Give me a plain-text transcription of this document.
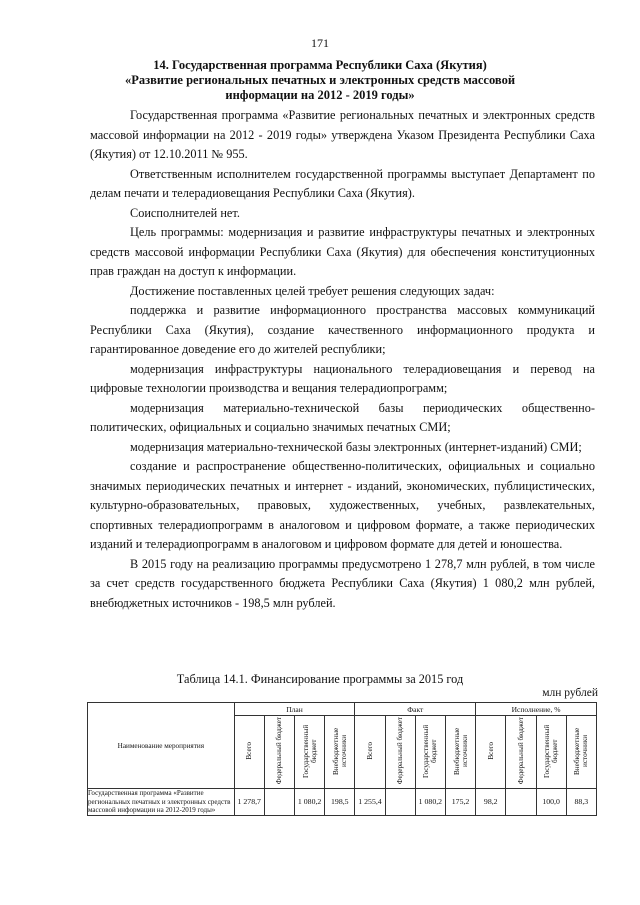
171
14. Государственная программа Республики Саха (Якутия)
«Развитие региональных печатных и электронных средств массовой
информации на 2012 - 2019 годы»

Государственная программа «Развитие региональных печатных и электронных средств массовой информации на 2012 - 2019 годы» утверждена Указом Президента Республики Саха (Якутия) от 12.10.2011 № 955.

Ответственным исполнителем государственной программы выступает Департамент по делам печати и телерадиовещания Республики Саха (Якутия).

Соисполнителей нет.

Цель программы: модернизация и развитие инфраструктуры печатных и электронных средств массовой информации Республики Саха (Якутия) для обеспечения конституционных прав граждан на доступ к информации.

Достижение поставленных целей требует решения следующих задач:

поддержка и развитие информационного пространства массовых коммуникаций Республики Саха (Якутия), создание качественного информационного продукта и гарантированное доведение его до жителей республики;

модернизация инфраструктуры национального телерадиовещания и перевод на цифровые технологии производства и вещания телерадиопрограмм;

модернизация материально-технической базы периодических общественно-политических, официальных и социально значимых печатных СМИ;

модернизация материально-технической базы электронных (интернет-изданий) СМИ;

создание и распространение общественно-политических, официальных и социально значимых периодических печатных и интернет - изданий, экономических, публицистических, культурно-образовательных, правовых, художественных, учебных, развлекательных, спортивных телерадиопрограмм в аналоговом и цифровом формате, а также периодических изданий и телерадиопрограмм в аналоговом и цифровом формате для детей и юношества.

В 2015 году на реализацию программы предусмотрено 1 278,7 млн рублей, в том числе за счет средств государственного бюджета Республики Саха (Якутия) 1 080,2 млн рублей, внебюджетных источников - 198,5 млн рублей.

Таблица 14.1. Финансирование программы за 2015 год
млн рублей
Наименование мероприятия	План				Факт				Исполнение, %			
	Всего	Федеральный бюджет	Государственный бюджет	Внебюджетные источники	Всего	Федеральный бюджет	Государственный бюджет	Внебюджетные источники	Всего	Федеральный бюджет	Государственный бюджет	Внебюджетные источники
Государственная программа «Развитие региональных печатных и электронных средств массовой информации на 2012-2019 годы»	1 278,7		1 080,2	198,5	1 255,4		1 080,2	175,2	98,2		100,0	88,3
